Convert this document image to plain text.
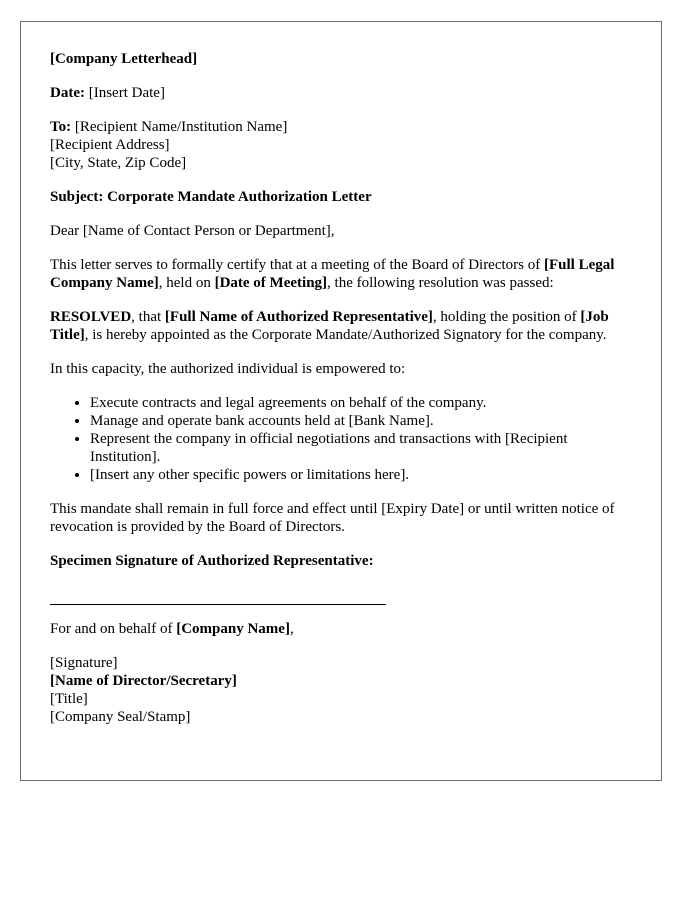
[Company Letterhead]

Date: [Insert Date]

To: [Recipient Name/Institution Name]
[Recipient Address]
[City, State, Zip Code]

Subject: Corporate Mandate Authorization Letter

Dear [Name of Contact Person or Department],

This letter serves to formally certify that at a meeting of the Board of Directors of [Full Legal Company Name], held on [Date of Meeting], the following resolution was passed:

RESOLVED, that [Full Name of Authorized Representative], holding the position of [Job Title], is hereby appointed as the Corporate Mandate/Authorized Signatory for the company.

In this capacity, the authorized individual is empowered to:

• Execute contracts and legal agreements on behalf of the company.
• Manage and operate bank accounts held at [Bank Name].
• Represent the company in official negotiations and transactions with [Recipient Institution].
• [Insert any other specific powers or limitations here].

This mandate shall remain in full force and effect until [Expiry Date] or until written notice of revocation is provided by the Board of Directors.

Specimen Signature of Authorized Representative:

For and on behalf of [Company Name],

[Signature]
[Name of Director/Secretary]
[Title]
[Company Seal/Stamp]
